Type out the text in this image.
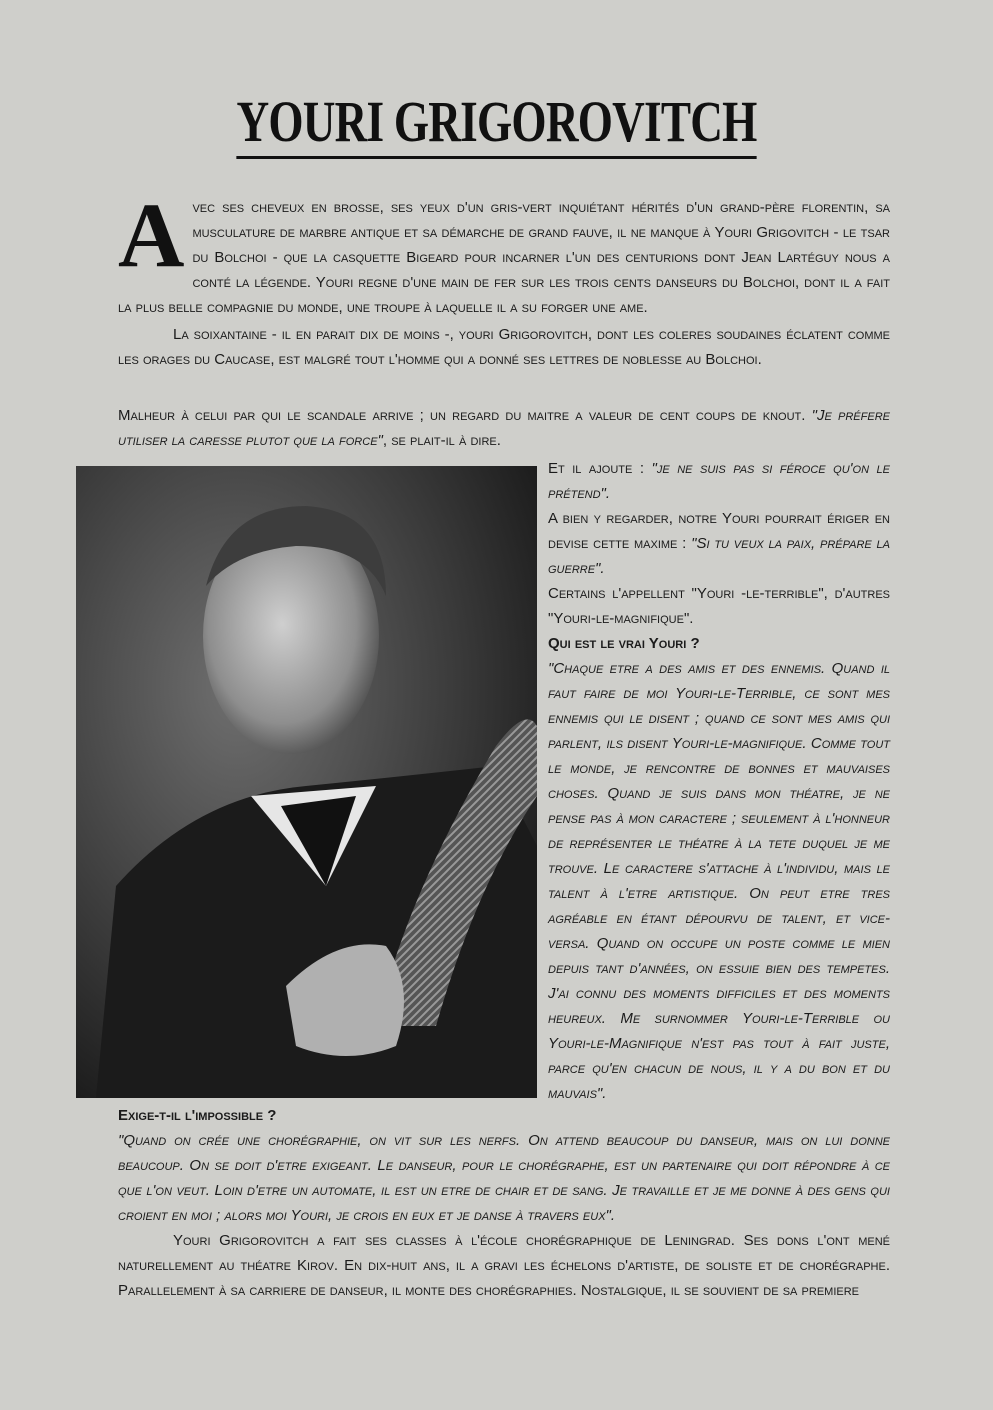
YOURI GRIGOROVITCH
A vec ses cheveux en brosse, ses yeux d'un gris-vert inquiétant hérités d'un grand-père florentin, sa musculature de marbre antique et sa démarche de grand fauve, il ne manque à Youri Grigovitch - le tsar du Bolchoi - que la casquette Bigeard pour incarner l'un des centurions dont Jean Lartéguy nous a conté la légende. Youri regne d'une main de fer sur les trois cents danseurs du Bolchoi, dont il a fait la plus belle compagnie du monde, une troupe à laquelle il a su forger une ame.
La soixantaine - il en parait dix de moins -, youri Grigorovitch, dont les coleres soudaines éclatent comme les orages du Caucase, est malgré tout l'homme qui a donné ses lettres de noblesse au Bolchoi.
Malheur à celui par qui le scandale arrive ; un regard du maitre a valeur de cent coups de knout. "Je préfere utiliser la caresse plutot que la force", se plait-il à dire.

Et il ajoute : "je ne suis pas si féroce qu'on le prétend".

A bien y regarder, notre Youri pourrait ériger en devise cette maxime : "Si tu veux la paix, prépare la guerre".

Certains l'appellent "Youri -le-terrible", d'autres "Youri-le-magnifique".

Qui est le vrai Youri ?

"Chaque etre a des amis et des ennemis. Quand il faut faire de moi Youri-le-Terrible, ce sont mes ennemis qui le disent ; quand ce sont mes amis qui parlent, ils disent Youri-le-magnifique. Comme tout le monde, je rencontre de bonnes et mauvaises choses. Quand je suis dans mon théatre, je ne pense pas à mon caractere ; seulement à l'honneur de représenter le théatre à la tete duquel je me trouve. Le caractere s'attache à l'individu, mais le talent à l'etre artistique. On peut etre tres agréable en étant dépourvu de talent, et vice-versa. Quand on occupe un poste comme le mien depuis tant d'années, on essuie bien des tempetes. J'ai connu des moments difficiles et des moments heureux. Me surnommer Youri-le-Terrible ou Youri-le-Magnifique n'est pas tout à fait juste, parce qu'en chacun de nous, il y a du bon et du mauvais".

Exige-t-il l'impossible ?

"Quand on crée une chorégraphie, on vit sur les nerfs. On attend beaucoup du danseur, mais on lui donne beaucoup. On se doit d'etre exigeant. Le danseur, pour le chorégraphe, est un partenaire qui doit répondre à ce que l'on veut. Loin d'etre un automate, il est un etre de chair et de sang. Je travaille et je me donne à des gens qui croient en moi ; alors moi Youri, je crois en eux et je danse à travers eux".

Youri Grigorovitch a fait ses classes à l'école chorégraphique de Leningrad. Ses dons l'ont mené naturellement au théatre Kirov. En dix-huit ans, il a gravi les échelons d'artiste, de soliste et de chorégraphe. Parallelement à sa carriere de danseur, il monte des chorégraphies. Nostalgique, il se souvient de sa premiere
